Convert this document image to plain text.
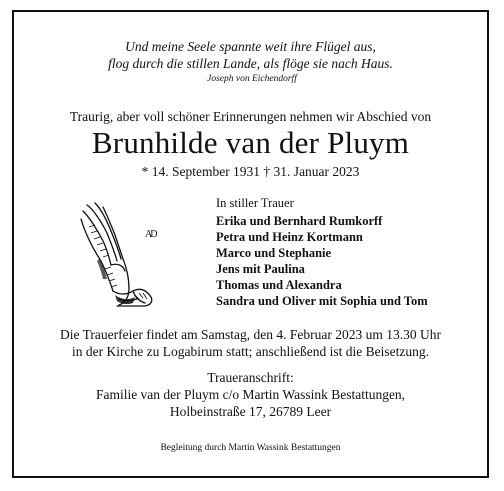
Und meine Seele spannte weit ihre Flügel aus,
flog durch die stillen Lande, als flöge sie nach Haus.
Joseph von Eichendorff
Traurig, aber voll schöner Erinnerungen nehmen wir Abschied von
Brunhilde van der Pluym
* 14. September 1931 † 31. Januar 2023
AD
In stiller Trauer
Erika und Bernhard Rumkorff
Petra und Heinz Kortmann
Marco und Stephanie
Jens mit Paulina
Thomas und Alexandra
Sandra und Oliver mit Sophia und Tom
Die Trauerfeier findet am Samstag, den 4. Februar 2023 um 13.30 Uhr
in der Kirche zu Logabirum statt; anschließend ist die Beisetzung.
Traueranschrift:
Familie van der Pluym c/o Martin Wassink Bestattungen,
Holbeinstraße 17, 26789 Leer
Begleitung durch Martin Wassink Bestattungen
